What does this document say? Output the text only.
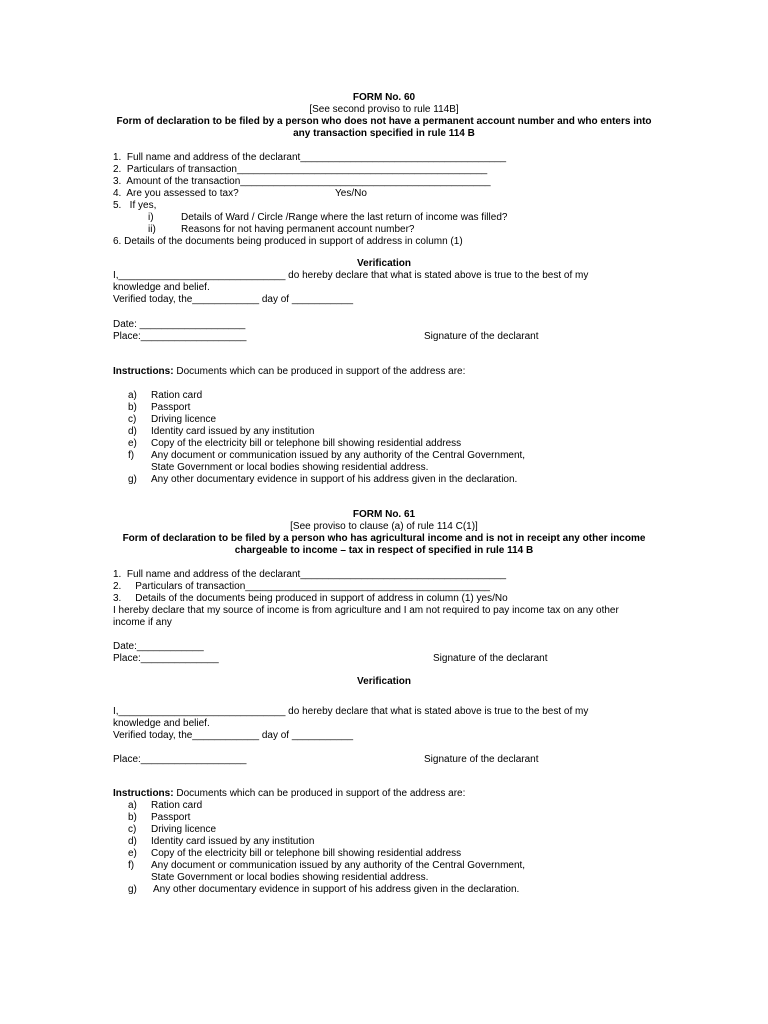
FORM No. 60
[See second proviso to rule 114B]
Form of declaration to be filed by a person who does not have a permanent account number and who enters into
any transaction specified in rule 114 B
1.  Full name and address of the declarant_____________________________________
2.  Particulars of transaction_____________________________________________
3.  Amount of the transaction_____________________________________________
4.  Are you assessed to tax?	Yes/No
5.   If yes,
i)	Details of Ward / Circle /Range where the last return of income was filled?
ii)	Reasons for not having permanent account number?
6. Details of the documents being produced in support of address in column (1)
Verification
I,______________________________ do hereby declare that what is stated above is true to the best of my
knowledge and belief.
Verified today, the____________ day of ___________
Date: ___________________
Place:___________________	Signature of the declarant
Instructions: Documents which can be produced in support of the address are:
a) Ration card
b) Passport
c) Driving licence
d) Identity card issued by any institution
e) Copy of the electricity bill or telephone bill showing residential address
f) Any document or communication issued by any authority of the Central Government,
State Government or local bodies showing residential address.
g) Any other documentary evidence in support of his address given in the declaration.
FORM No. 61
[See proviso to clause (a) of rule 114 C(1)]
Form of declaration to be filed by a person who has agricultural income and is not in receipt any other income
chargeable to income – tax in respect of specified in rule 114 B
1.  Full name and address of the declarant_____________________________________
2.     Particulars of transaction____________________________________________
3.     Details of the documents being produced in support of address in column (1) yes/No
I hereby declare that my source of income is from agriculture and I am not required to pay income tax on any other
income if any
Date:____________
Place:______________	Signature of the declarant
Verification
I,______________________________ do hereby declare that what is stated above is true to the best of my
knowledge and belief.
Verified today, the____________ day of ___________
Place:___________________	Signature of the declarant
Instructions: Documents which can be produced in support of the address are:
a) Ration card
b) Passport
c) Driving licence
d) Identity card issued by any institution
e) Copy of the electricity bill or telephone bill showing residential address
f) Any document or communication issued by any authority of the Central Government,
State Government or local bodies showing residential address.
g) Any other documentary evidence in support of his address given in the declaration.
